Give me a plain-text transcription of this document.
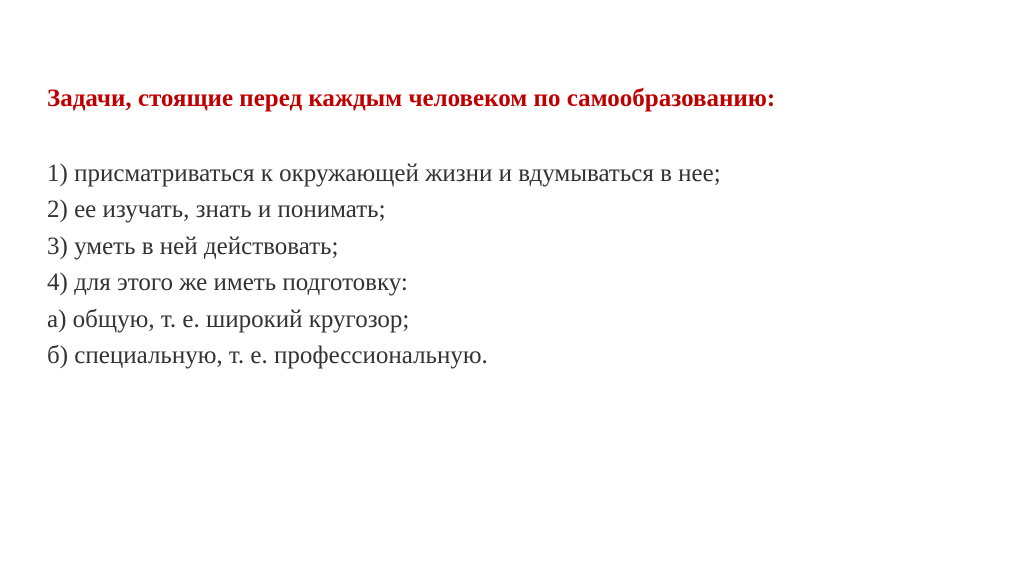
Задачи, стоящие перед каждым человеком по самообразованию:
1) присматриваться к окружающей жизни и вдумываться в нее;
2) ее изучать, знать и понимать;
3) уметь в ней действовать;
4) для этого же иметь подготовку:
а) общую, т. е. широкий кругозор;
б) специальную, т. е. профессиональную.
